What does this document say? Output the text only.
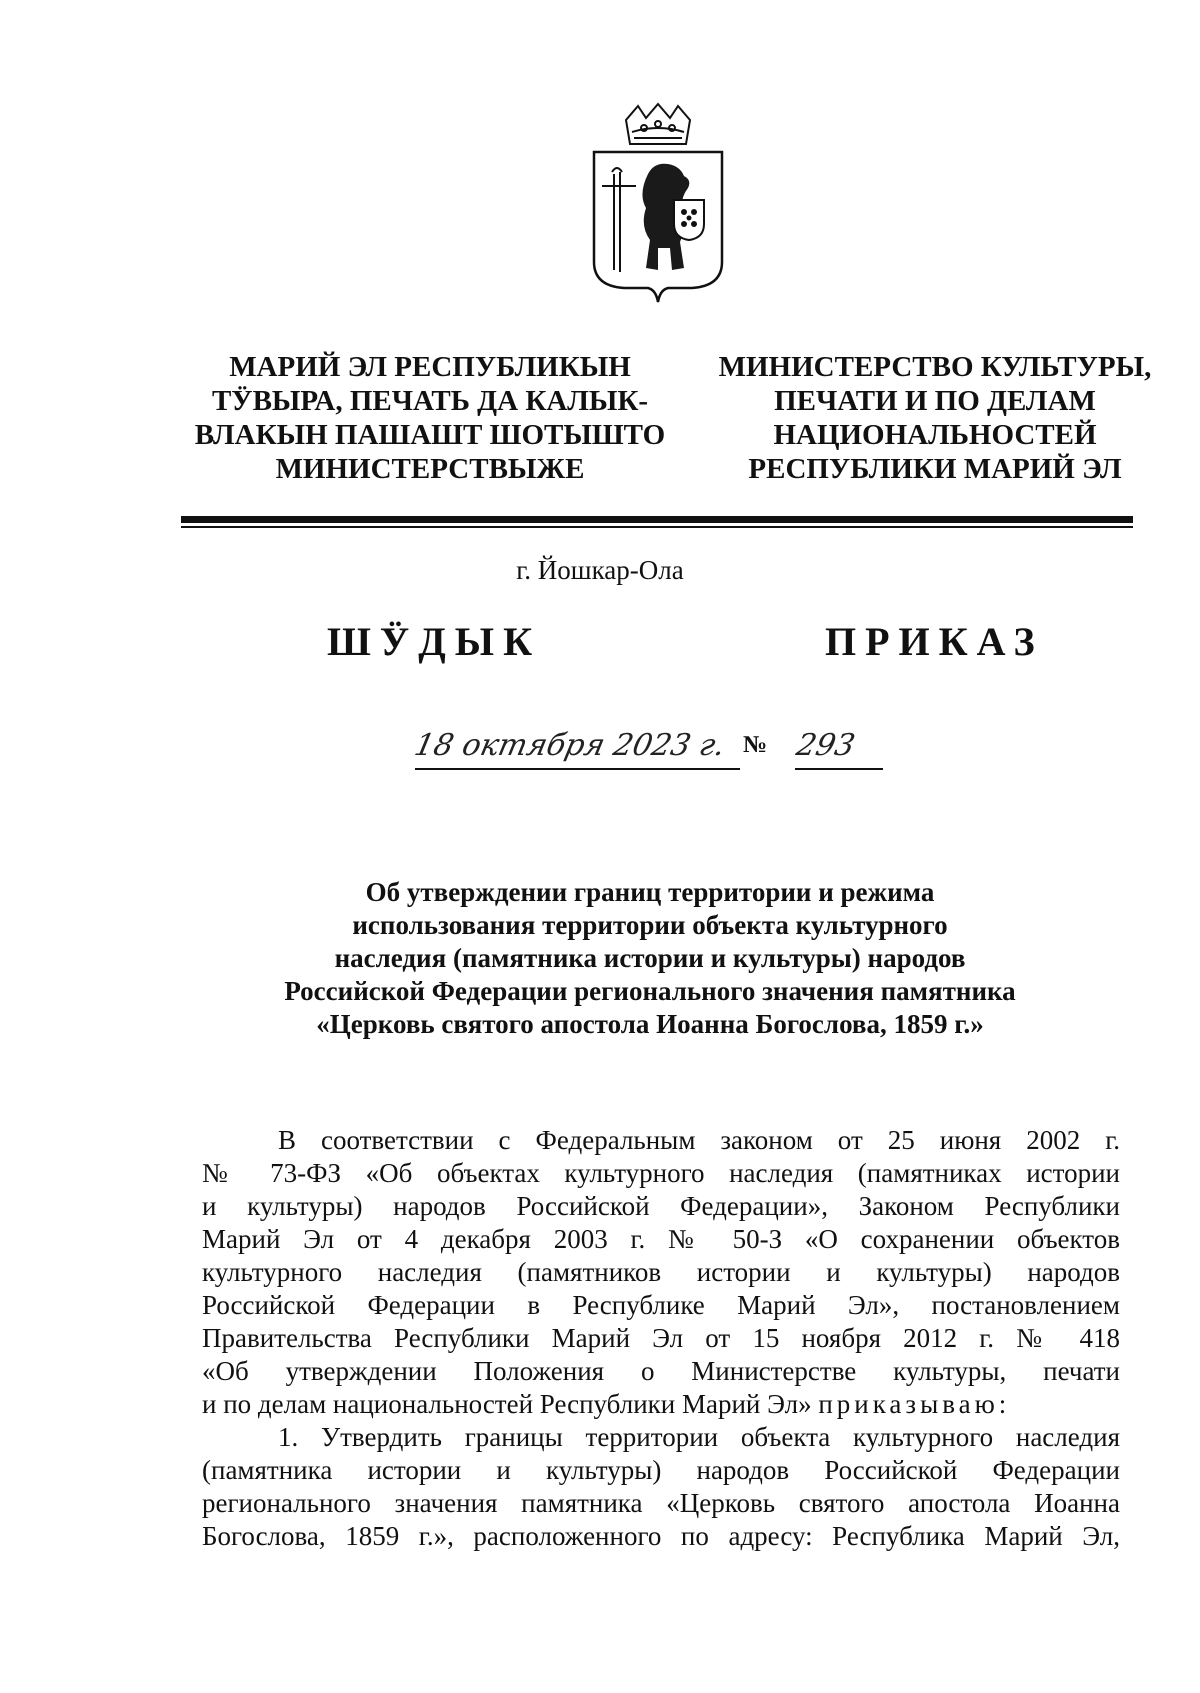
МАРИЙ ЭЛ РЕСПУБЛИКЫН
ТӰВЫРА, ПЕЧАТЬ ДА КАЛЫК-
ВЛАКЫН ПАШАШТ ШОТЫШТО
МИНИСТЕРСТВЫЖЕ
МИНИСТЕРСТВО КУЛЬТУРЫ,
ПЕЧАТИ И ПО ДЕЛАМ
НАЦИОНАЛЬНОСТЕЙ
РЕСПУБЛИКИ МАРИЙ ЭЛ
г. Йошкар-Ола
ШӰДЫК	ПРИКАЗ
18 октября 2023 г. № 293
Об утверждении границ территории и режима
использования территории объекта культурного
наследия (памятника истории и культуры) народов
Российской Федерации регионального значения памятника
«Церковь святого апостола Иоанна Богослова, 1859 г.»
В соответствии с Федеральным законом от 25 июня 2002 г.
№ 73-ФЗ «Об объектах культурного наследия (памятниках истории
и культуры) народов Российской Федерации», Законом Республики
Марий Эл от 4 декабря 2003 г. № 50-З «О сохранении объектов
культурного наследия (памятников истории и культуры) народов
Российской Федерации в Республике Марий Эл», постановлением
Правительства Республики Марий Эл от 15 ноября 2012 г. № 418
«Об утверждении Положения о Министерстве культуры, печати
и по делам национальностей Республики Марий Эл» приказываю:
1. Утвердить границы территории объекта культурного наследия
(памятника истории и культуры) народов Российской Федерации
регионального значения памятника «Церковь святого апостола Иоанна
Богослова, 1859 г.», расположенного по адресу: Республика Марий Эл,
